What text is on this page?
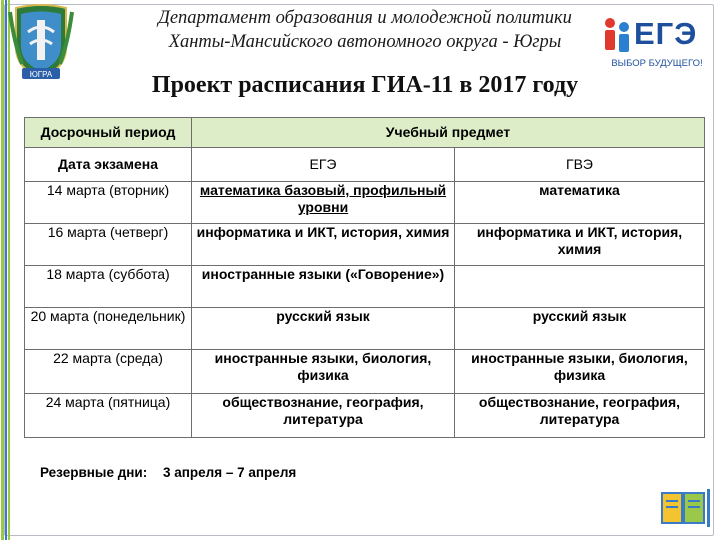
ЮГРА
Департамент образования и молодежной политики
Ханты-Мансийского автономного округа - Югры	ЕГЭ
ВЫБОР БУДУЩЕГО!
Проект расписания ГИА-11 в 2017 году
Досрочный период	Учебный предмет	
Дата экзамена	ЕГЭ	ГВЭ
14 марта (вторник)	математика базовый, профильный уровни	математика
16 марта (четверг)	информатика и ИКТ, история, химия	информатика и ИКТ, история, химия
18 марта (суббота)	иностранные языки («Говорение»)	
20 марта (понедельник)	русский язык	русский язык
22 марта (среда)	иностранные языки, биология, физика	иностранные языки, биология, физика
24 марта (пятница)	обществознание, география, литература	обществознание, география, литература
Резервные дни: 3 апреля – 7 апреля
